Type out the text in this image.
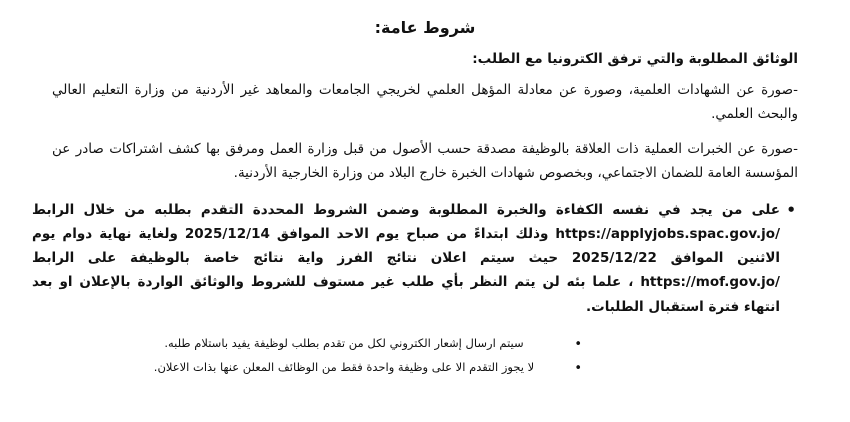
شروط عامة:
الوثائق المطلوبة والتي ترفق الكترونيا مع الطلب:
-صورة عن الشهادات العلمية، وصورة عن معادلة المؤهل العلمي لخريجي الجامعات والمعاهد غير الأردنية من وزارة التعليم العالي والبحث العلمي.
-صورة عن الخبرات العملية ذات العلاقة بالوظيفة مصدقة حسب الأصول من قبل وزارة العمل ومرفق بها كشف اشتراكات صادر عن المؤسسة العامة للضمان الاجتماعي، وبخصوص شهادات الخبرة خارج البلاد من وزارة الخارجية الأردنية.
• على من يجد في نفسه الكفاءة والخبرة المطلوبة وضمن الشروط المحددة التقدم بطلبه من خلال الرابط https://applyjobs.spac.gov.jo/ وذلك ابتداءً من صباح يوم الاحد الموافق 2025/12/14 ولغاية نهاية دوام يوم الاثنين الموافق 2025/12/22 حيث سيتم اعلان نتائج الفرز واية نتائج خاصة بالوظيفة على الرابط https://mof.gov.jo/ ، علما بئه لن يتم النظر بأي طلب غير مستوف للشروط والوثائق الواردة بالإعلان او بعد انتهاء فترة استقبال الطلبات.
• سيتم ارسال إشعار الكتروني لكل من تقدم بطلب لوظيفة يفيد باستلام طلبه.
• لا يجوز التقدم الا على وظيفة واحدة فقط من الوظائف المعلن عنها بذات الاعلان.
